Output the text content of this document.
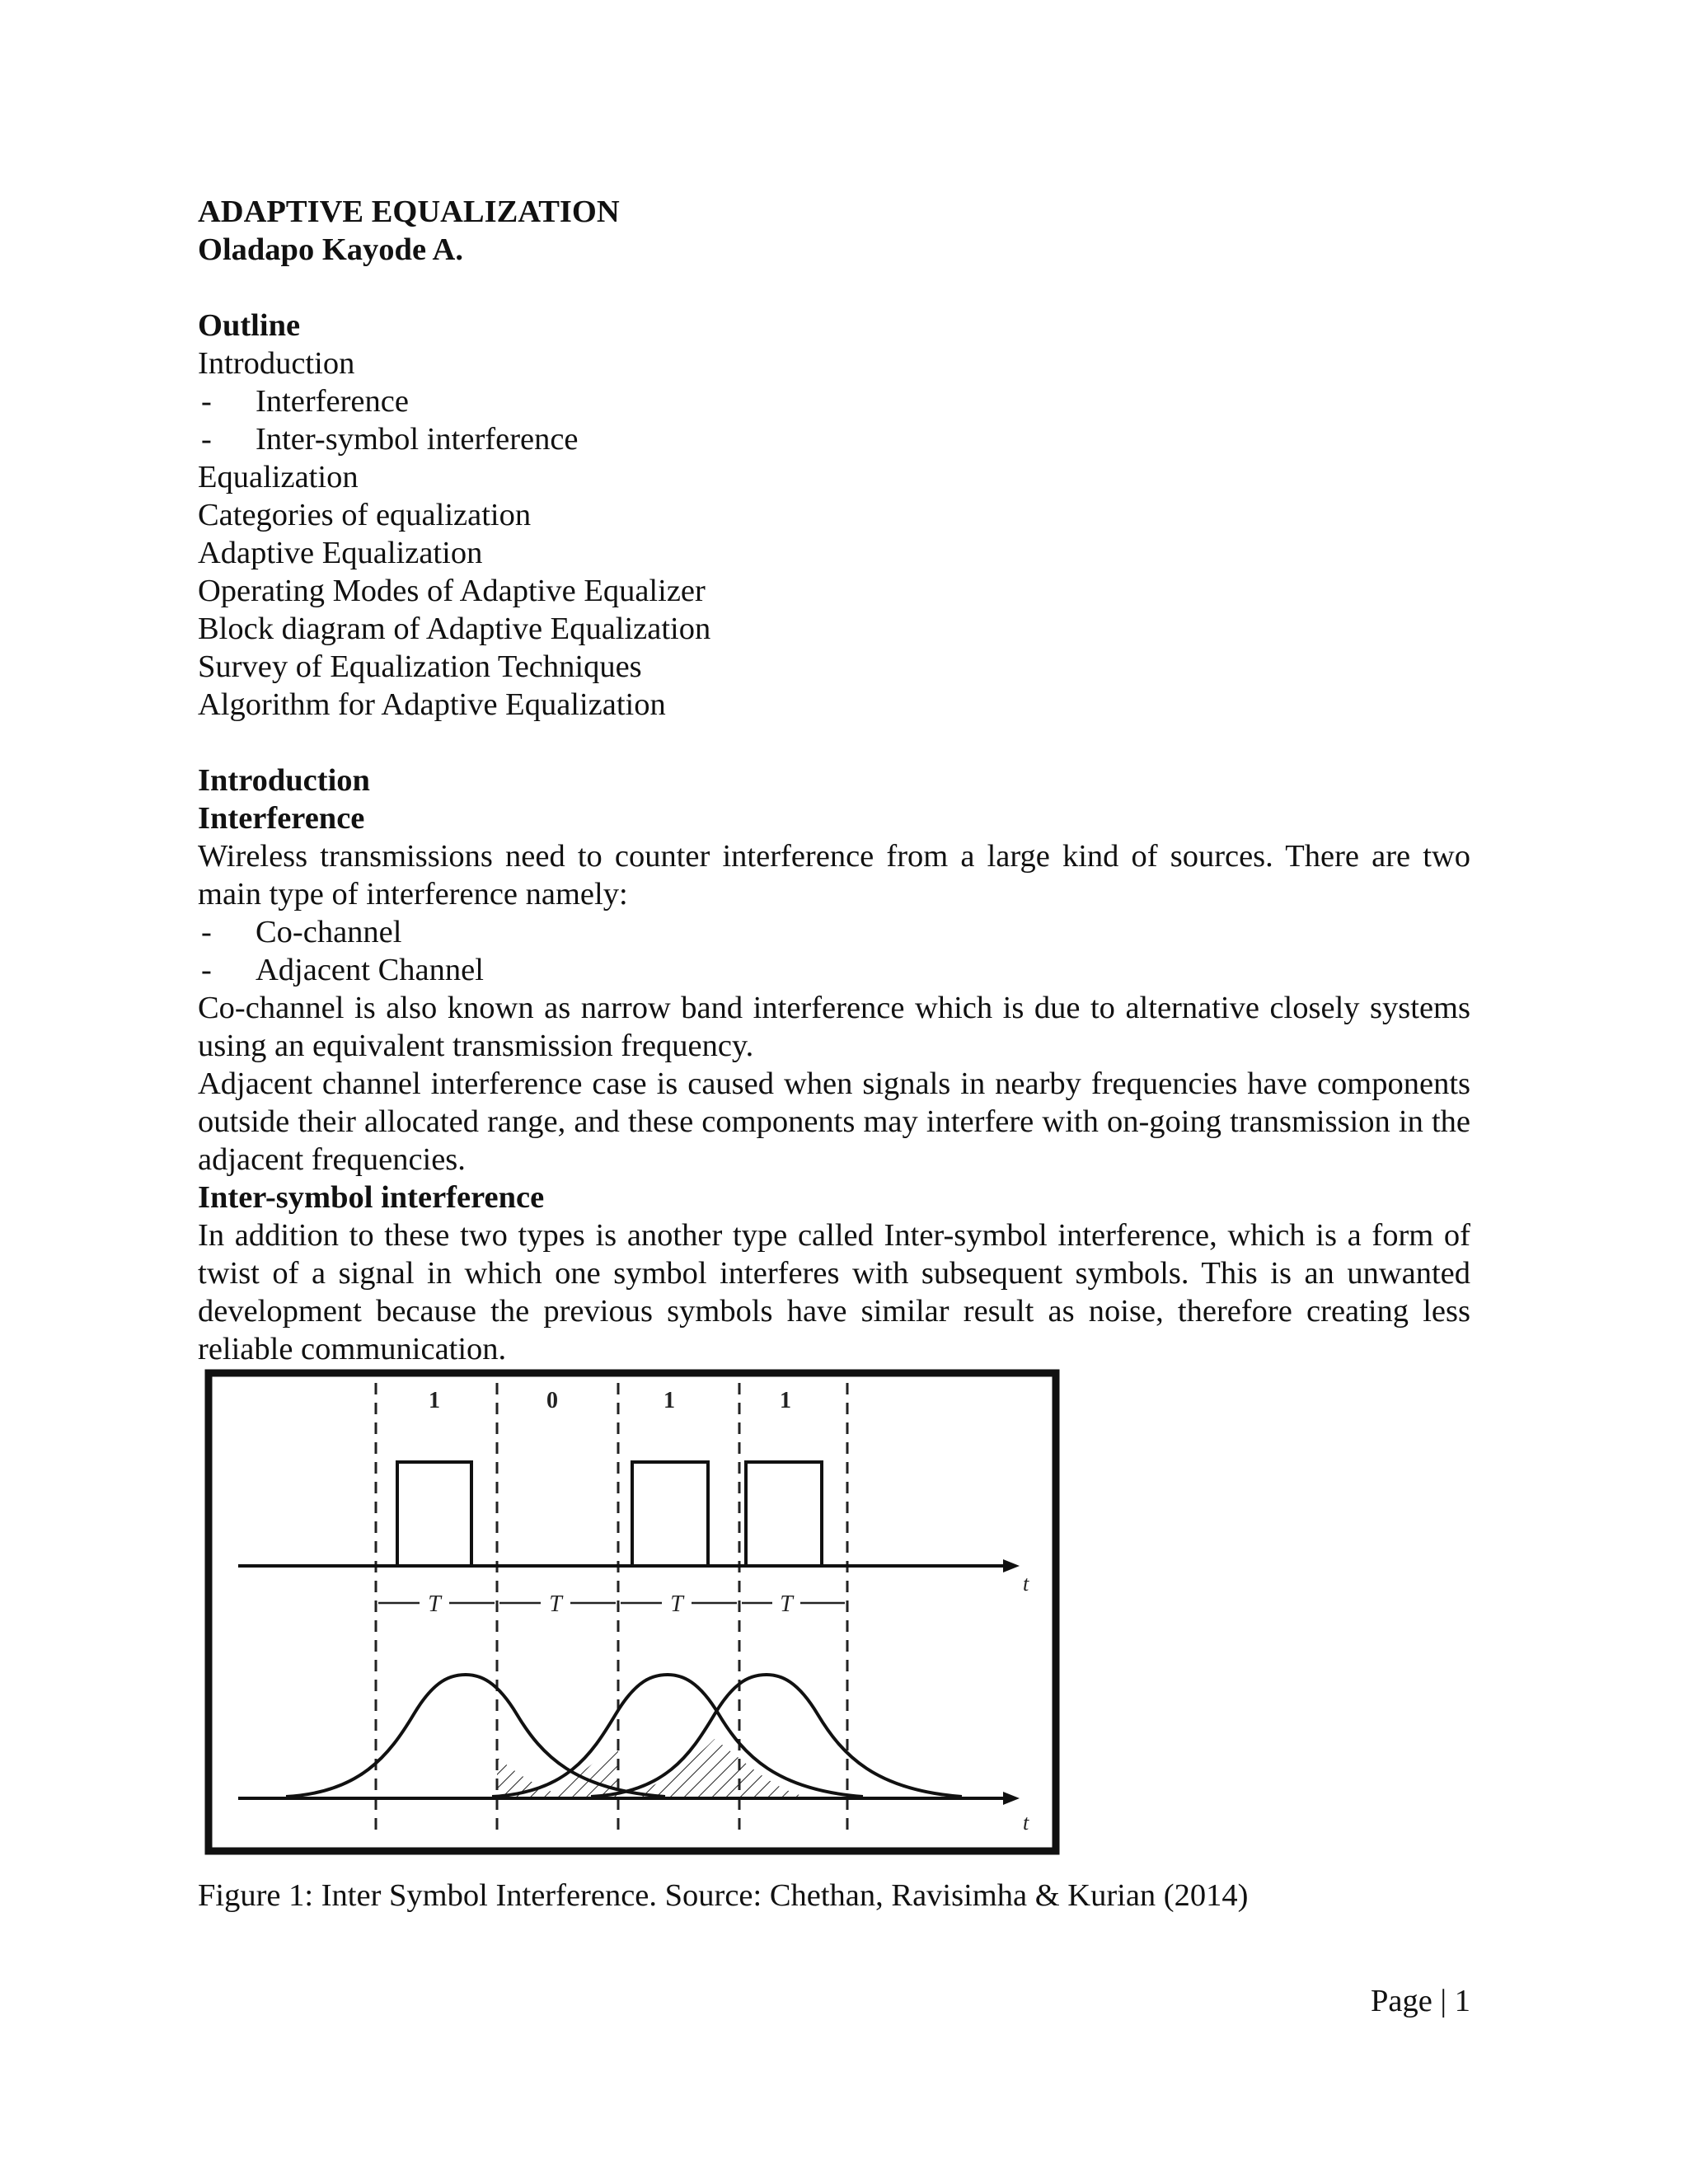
ADAPTIVE EQUALIZATION
Oladapo Kayode A.
Outline
Introduction
- Interference
- Inter-symbol interference
Equalization
Categories of equalization
Adaptive Equalization
Operating Modes of Adaptive Equalizer
Block diagram of Adaptive Equalization
Survey of Equalization Techniques
Algorithm for Adaptive Equalization
Introduction
Interference
Wireless transmissions need to counter interference from a large kind of sources. There are two main type of interference namely:
- Co-channel
- Adjacent Channel
Co-channel is also known as narrow band interference which is due to alternative closely systems using an equivalent transmission frequency.
Adjacent channel interference case is caused when signals in nearby frequencies have components outside their allocated range, and these components may interfere with on-going transmission in the adjacent frequencies.
Inter-symbol interference
In addition to these two types is another type called Inter-symbol interference, which is a form of twist of a signal in which one symbol interferes with subsequent symbols. This is an unwanted development because the previous symbols have similar result as noise, therefore creating less reliable communication.
1	0	1	1
t
T	T	T	T
t
Figure 1: Inter Symbol Interference. Source: Chethan, Ravisimha & Kurian (2014)
Page | 1
